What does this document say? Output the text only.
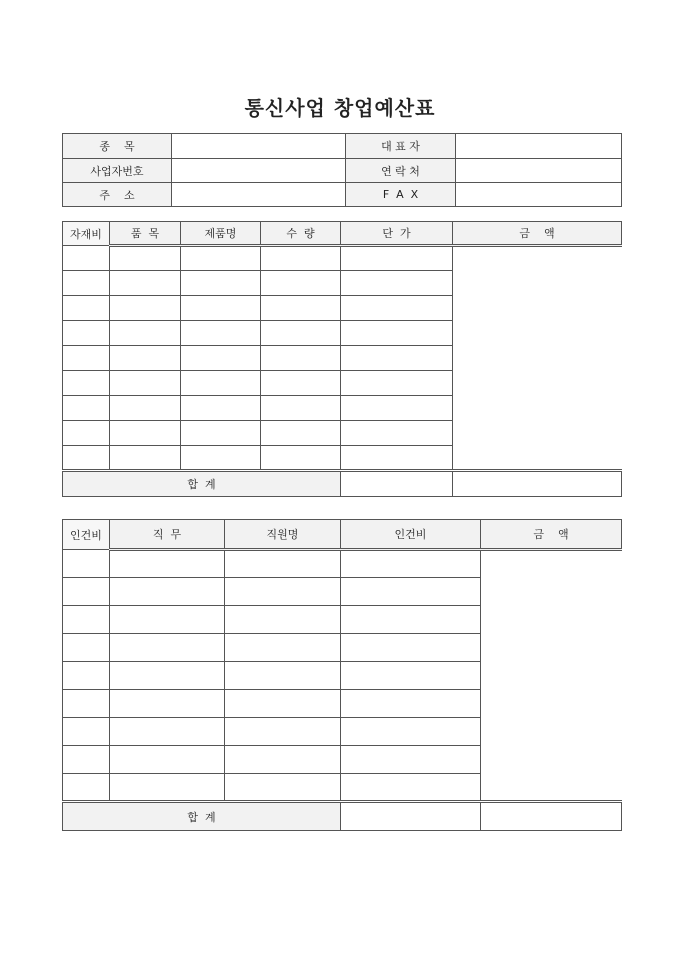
통신사업 창업예산표
종    목		대 표 자	
사업자번호		연 락 처	
주    소		F  A  X	
자재비	품  목	제품명	수  량	단  가	금    액

합  계					
인건비	직  무	직원명	인건비	금    액

합  계				
